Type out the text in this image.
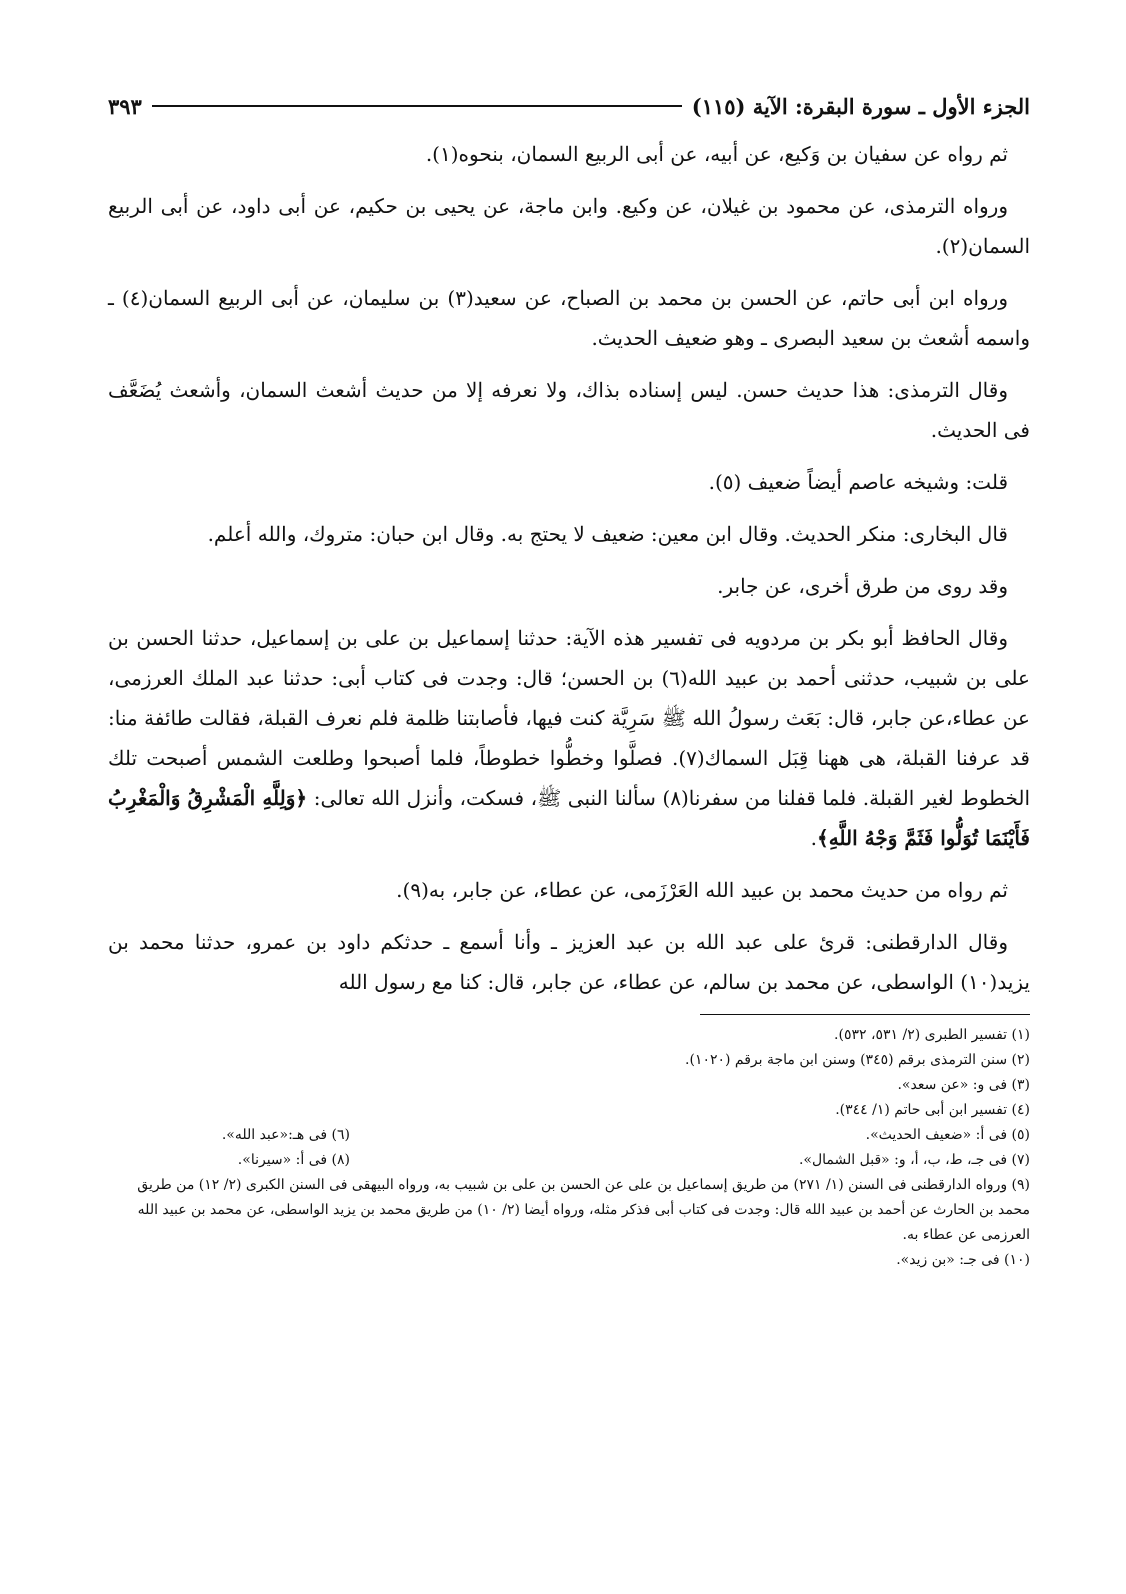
الجزء الأول ـ سورة البقرة: الآية (١١٥)
٣٩٣

ثم رواه عن سفيان بن وَكيع، عن أبيه، عن أبى الربيع السمان، بنحوه(١).

ورواه الترمذى، عن محمود بن غيلان، عن وكيع. وابن ماجة، عن يحيى بن حكيم، عن أبى داود، عن أبى الربيع السمان(٢).

ورواه ابن أبى حاتم، عن الحسن بن محمد بن الصباح، عن سعيد(٣) بن سليمان، عن أبى الربيع السمان(٤) ـ واسمه أشعث بن سعيد البصرى ـ وهو ضعيف الحديث.

وقال الترمذى: هذا حديث حسن. ليس إسناده بذاك، ولا نعرفه إلا من حديث أشعث السمان، وأشعث يُضَعَّف فى الحديث.

قلت: وشيخه عاصم أيضاً ضعيف (٥).

قال البخارى: منكر الحديث. وقال ابن معين: ضعيف لا يحتج به. وقال ابن حبان: متروك، والله أعلم.

وقد روى من طرق أخرى، عن جابر.

وقال الحافظ أبو بكر بن مردويه فى تفسير هذه الآية: حدثنا إسماعيل بن على بن إسماعيل، حدثنا الحسن بن على بن شبيب، حدثنى أحمد بن عبيد الله(٦) بن الحسن؛ قال: وجدت فى كتاب أبى: حدثنا عبد الملك العرزمى، عن عطاء،عن جابر، قال: بَعَث رسولُ الله ﷺ سَرِيَّة كنت فيها، فأصابتنا ظلمة فلم نعرف القبلة، فقالت طائفة منا: قد عرفنا القبلة، هى ههنا قِبَل السماك(٧). فصلَّوا وخطُّوا خطوطاً، فلما أصبحوا وطلعت الشمس أصبحت تلك الخطوط لغير القبلة. فلما قفلنا من سفرنا(٨) سألنا النبى ﷺ، فسكت، وأنزل الله تعالى: ﴿وَلِلَّهِ الْمَشْرِقُ وَالْمَغْرِبُ فَأَيْنَمَا تُوَلُّوا فَثَمَّ وَجْهُ اللَّهِ﴾.

ثم رواه من حديث محمد بن عبيد الله العَرْزَمى، عن عطاء، عن جابر، به(٩).

وقال الدارقطنى: قرئ على عبد الله بن عبد العزيز ـ وأنا أسمع ـ حدثكم داود بن عمرو، حدثنا محمد بن يزيد(١٠) الواسطى، عن محمد بن سالم، عن عطاء، عن جابر، قال: كنا مع رسول الله

(١) تفسير الطبرى (٢/ ٥٣١، ٥٣٢).
(٢) سنن الترمذى برقم (٣٤٥) وسنن ابن ماجة برقم (١٠٢٠).
(٣) فى و: «عن سعد».
(٤) تفسير ابن أبى حاتم (١/ ٣٤٤).
(٥) فى أ: «ضعيف الحديث».
(٦) فى هـ:«عبد الله».
(٧) فى جـ، ط، ب، أ، و: «قبل الشمال».
(٨) فى أ: «سيرنا».
(٩) ورواه الدارقطنى فى السنن (١/ ٢٧١) من طريق إسماعيل بن على عن الحسن بن على بن شبيب به، ورواه البيهقى فى السنن الكبرى (٢/ ١٢) من طريق محمد بن الحارث عن أحمد بن عبيد الله قال: وجدت فى كتاب أبى فذكر مثله، ورواه أيضا (٢/ ١٠) من طريق محمد بن يزيد الواسطى، عن محمد بن عبيد الله العرزمى عن عطاء به.
(١٠) فى جـ: «بن زيد».
